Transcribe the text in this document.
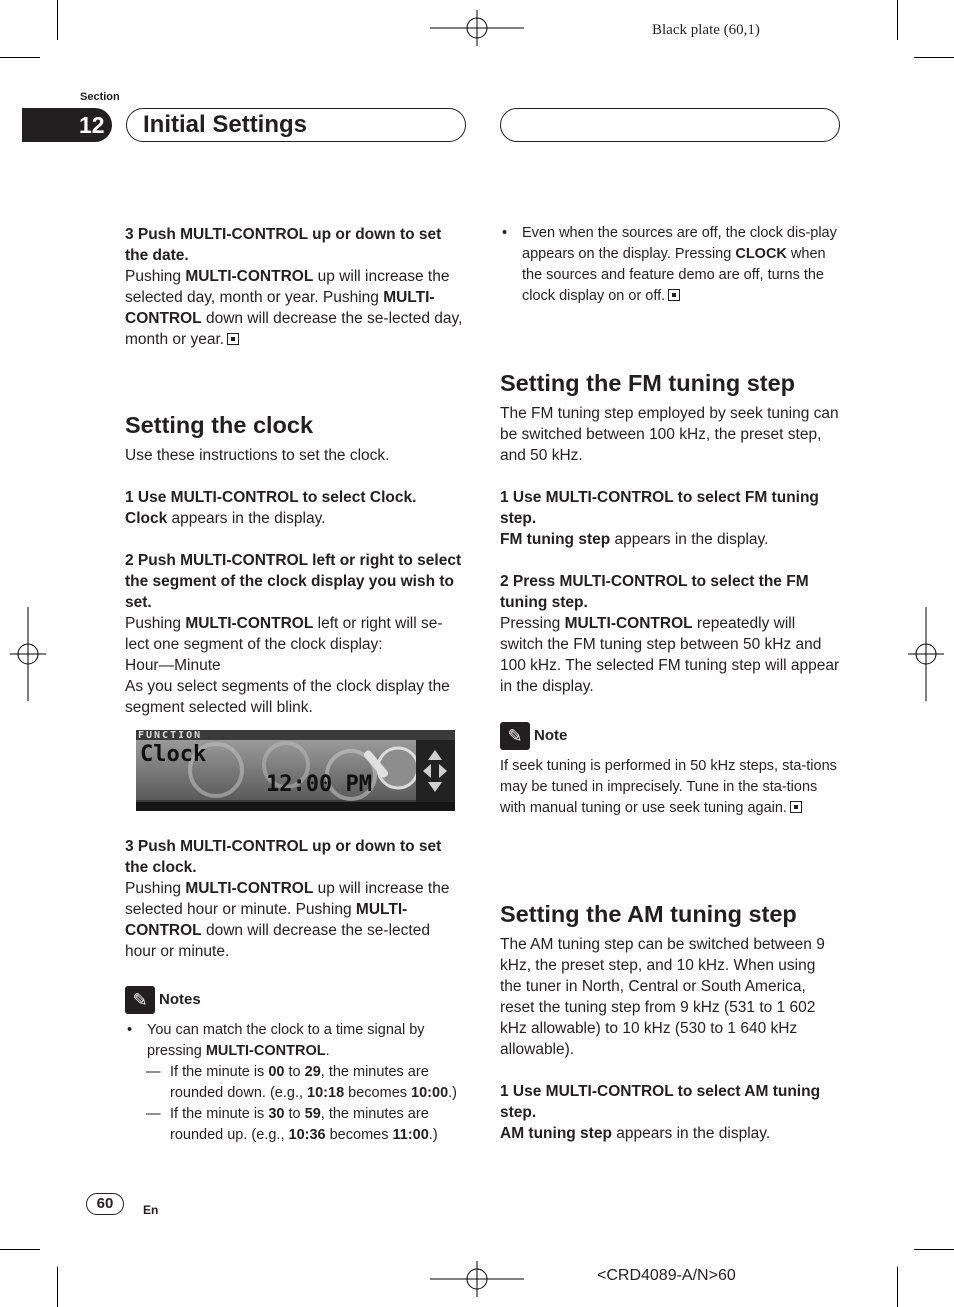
Black plate (60,1)
Section
12	Initial Settings

3 Push MULTI-CONTROL up or down to set the date.

Pushing MULTI-CONTROL up will increase the selected day, month or year. Pushing MULTI-CONTROL down will decrease the se-lected day, month or year.

Setting the clock

Use these instructions to set the clock.

1 Use MULTI-CONTROL to select Clock.

Clock appears in the display.

2 Push MULTI-CONTROL left or right to select the segment of the clock display you wish to set.

Pushing MULTI-CONTROL left or right will se-lect one segment of the clock display:

Hour—Minute

As you select segments of the clock display the segment selected will blink.

FUNCTION
Clock
12:00 PM

3 Push MULTI-CONTROL up or down to set the clock.

Pushing MULTI-CONTROL up will increase the selected hour or minute. Pushing MULTI-CONTROL down will decrease the se-lected hour or minute.

✎ Notes

• You can match the clock to a time signal by pressing MULTI-CONTROL.

— If the minute is 00 to 29, the minutes are rounded down. (e.g., 10:18 becomes 10:00.)

— If the minute is 30 to 59, the minutes are rounded up. (e.g., 10:36 becomes 11:00.)

• Even when the sources are off, the clock dis-play appears on the display. Pressing CLOCK when the sources and feature demo are off, turns the clock display on or off.

Setting the FM tuning step

The FM tuning step employed by seek tuning can be switched between 100 kHz, the preset step, and 50 kHz.

1 Use MULTI-CONTROL to select FM tuning step.

FM tuning step appears in the display.

2 Press MULTI-CONTROL to select the FM tuning step.

Pressing MULTI-CONTROL repeatedly will switch the FM tuning step between 50 kHz and 100 kHz. The selected FM tuning step will appear in the display.

✎ Note

If seek tuning is performed in 50 kHz steps, sta-tions may be tuned in imprecisely. Tune in the sta-tions with manual tuning or use seek tuning again.

Setting the AM tuning step

The AM tuning step can be switched between 9 kHz, the preset step, and 10 kHz. When using the tuner in North, Central or South America, reset the tuning step from 9 kHz (531 to 1 602 kHz allowable) to 10 kHz (530 to 1 640 kHz allowable).

1 Use MULTI-CONTROL to select AM tuning step.

AM tuning step appears in the display.

60	En
<CRD4089-A/N>60
